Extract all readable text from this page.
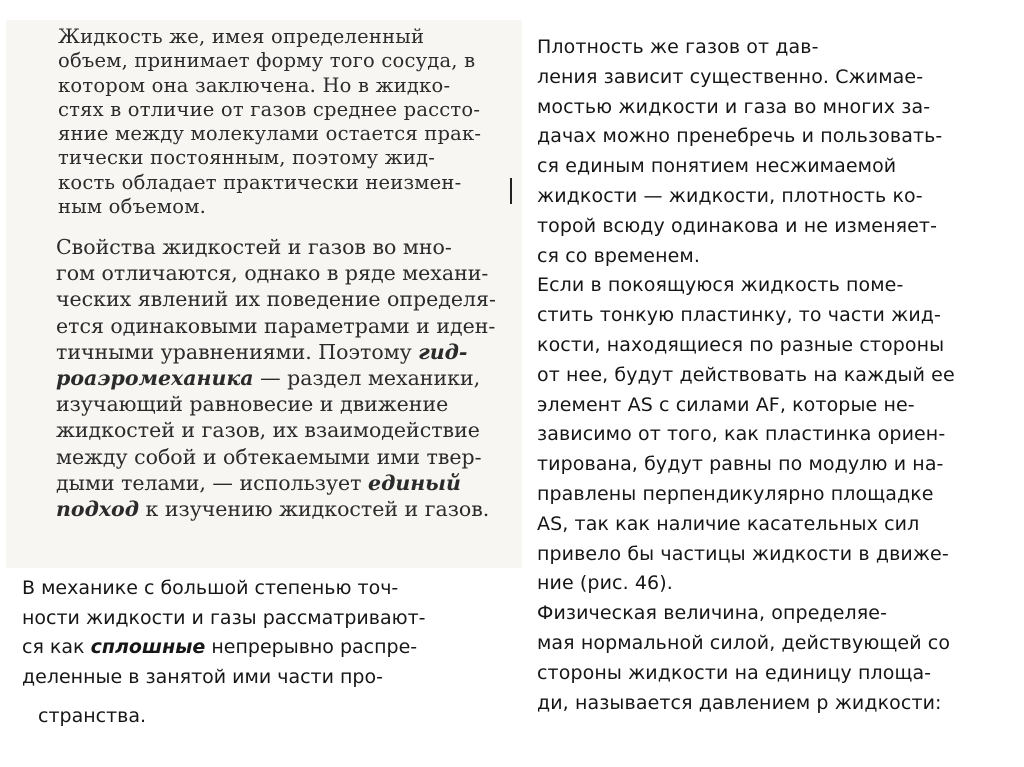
Жидкость же, имея определенный
объем, принимает форму того сосуда, в
котором она заключена. Но в жидко-
стях в отличие от газов среднее рассто-
яние между молекулами остается прак-
тически постоянным, поэтому жид-
кость обладает практически неизмен-
ным объемом.

Свойства жидкостей и газов во мно-
гом отличаются, однако в ряде механи-
ческих явлений их поведение определя-
ется одинаковыми параметрами и иден-
тичными уравнениями. Поэтому гид-
роаэромеханика — раздел механики,
изучающий равновесие и движение
жидкостей и газов, их взаимодействие
между собой и обтекаемыми ими твер-
дыми телами, — использует единый
подход к изучению жидкостей и газов.

В механике с большой степенью точ-
ности жидкости и газы рассматривают-
ся как сплошные непрерывно распре-
деленные в занятой ими части про-

странства.

Плотность же газов от дав-
ления зависит существенно. Сжимае-
мостью жидкости и газа во многих за-
дачах можно пренебречь и пользовать-
ся единым понятием несжимаемой
жидкости — жидкости, плотность ко-
торой всюду одинакова и не изменяет-
ся со временем.
Если в покоящуюся жидкость поме-
стить тонкую пластинку, то части жид-
кости, находящиеся по разные стороны
от нее, будут действовать на каждый ее
элемент AS с силами AF, которые не-
зависимо от того, как пластинка ориен-
тирована, будут равны по модулю и на-
правлены перпендикулярно площадке
AS, так как наличие касательных сил
привело бы частицы жидкости в движе-
ние (рис. 46).
Физическая величина, определяе-
мая нормальной силой, действующей со
стороны жидкости на единицу площа-
ди, называется давлением р жидкости:
